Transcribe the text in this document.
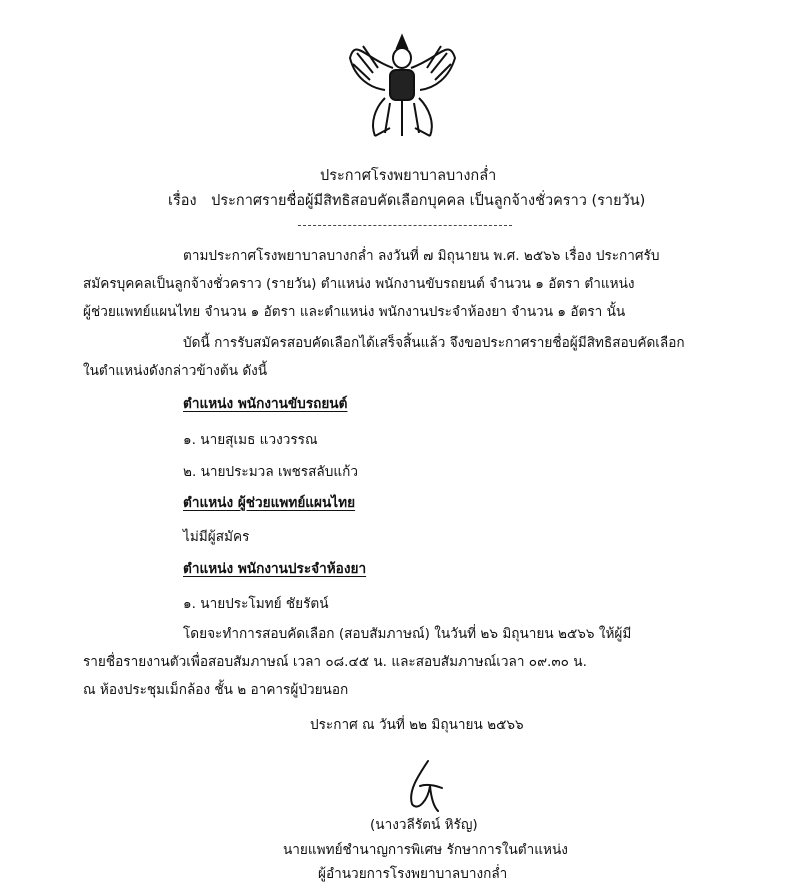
ประกาศโรงพยาบาลบางกล่ำ
เรื่อง ประกาศรายชื่อผู้มีสิทธิสอบคัดเลือกบุคคล เป็นลูกจ้างชั่วคราว (รายวัน)
ตามประกาศโรงพยาบาลบางกล่ำ ลงวันที่ ๗ มิถุนายน พ.ศ. ๒๕๖๖ เรื่อง ประกาศรับ
สมัครบุคคลเป็นลูกจ้างชั่วคราว (รายวัน) ตำแหน่ง พนักงานขับรถยนต์ จำนวน ๑ อัตรา ตำแหน่ง
ผู้ช่วยแพทย์แผนไทย จำนวน ๑ อัตรา และตำแหน่ง พนักงานประจำห้องยา จำนวน ๑ อัตรา นั้น
บัดนี้ การรับสมัครสอบคัดเลือกได้เสร็จสิ้นแล้ว จึงขอประกาศรายชื่อผู้มีสิทธิสอบคัดเลือก
ในตำแหน่งดังกล่าวข้างต้น ดังนี้
ตำแหน่ง พนักงานขับรถยนต์
๑. นายสุเมธ แวงวรรณ
๒. นายประมวล เพชรสลับแก้ว
ตำแหน่ง ผู้ช่วยแพทย์แผนไทย
ไม่มีผู้สมัคร
ตำแหน่ง พนักงานประจำห้องยา
๑. นายประโมทย์ ชัยรัตน์
โดยจะทำการสอบคัดเลือก (สอบสัมภาษณ์) ในวันที่ ๒๖ มิถุนายน ๒๕๖๖ ให้ผู้มี
รายชื่อรายงานตัวเพื่อสอบสัมภาษณ์ เวลา ๐๘.๔๕ น. และสอบสัมภาษณ์เวลา ๐๙.๓๐ น.
ณ ห้องประชุมเม็กล้อง ชั้น ๒ อาคารผู้ป่วยนอก
ประกาศ ณ วันที่ ๒๒ มิถุนายน ๒๕๖๖
(นางวลีรัตน์ หิรัญ)
นายแพทย์ชำนาญการพิเศษ รักษาการในตำแหน่ง
ผู้อำนวยการโรงพยาบาลบางกล่ำ
